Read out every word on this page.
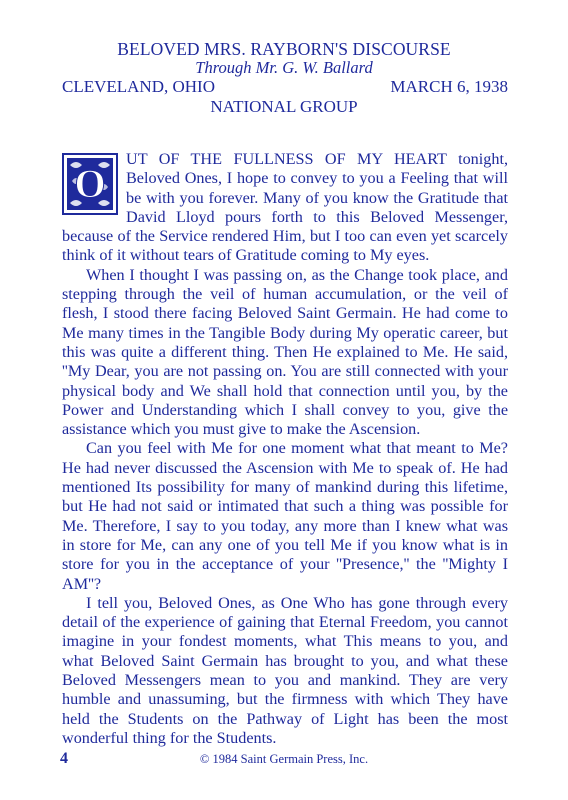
BELOVED MRS. RAYBORN'S DISCOURSE
Through Mr. G. W. Ballard
CLEVELAND, OHIO	MARCH 6, 1938
NATIONAL GROUP
O

UT OF THE FULLNESS OF MY HEART tonight, Beloved Ones, I hope to convey to you a Feeling that will be with you forever. Many of you know the Gratitude that David Lloyd pours forth to this Beloved Messenger, because of the Service rendered Him, but I too can even yet scarcely think of it without tears of Gratitude coming to My eyes.

When I thought I was passing on, as the Change took place, and stepping through the veil of human accumulation, or the veil of flesh, I stood there facing Beloved Saint Germain. He had come to Me many times in the Tangible Body during My operatic career, but this was quite a different thing. Then He explained to Me. He said, ''My Dear, you are not passing on. You are still connected with your physical body and We shall hold that connection until you, by the Power and Understanding which I shall convey to you, give the assistance which you must give to make the Ascension.

Can you feel with Me for one moment what that meant to Me? He had never discussed the Ascension with Me to speak of. He had mentioned Its possibility for many of mankind during this lifetime, but He had not said or intimated that such a thing was possible for Me. Therefore, I say to you today, any more than I knew what was in store for Me, can any one of you tell Me if you know what is in store for you in the acceptance of your ''Presence,'' the ''Mighty I AM''?

I tell you, Beloved Ones, as One Who has gone through every detail of the experience of gaining that Eternal Freedom, you cannot imagine in your fondest moments, what This means to you, and what Beloved Saint Germain has brought to you, and what these Beloved Messengers mean to you and mankind. They are very humble and unassuming, but the firmness with which They have held the Students on the Pathway of Light has been the most wonderful thing for the Students.

4	© 1984 Saint Germain Press, Inc.
